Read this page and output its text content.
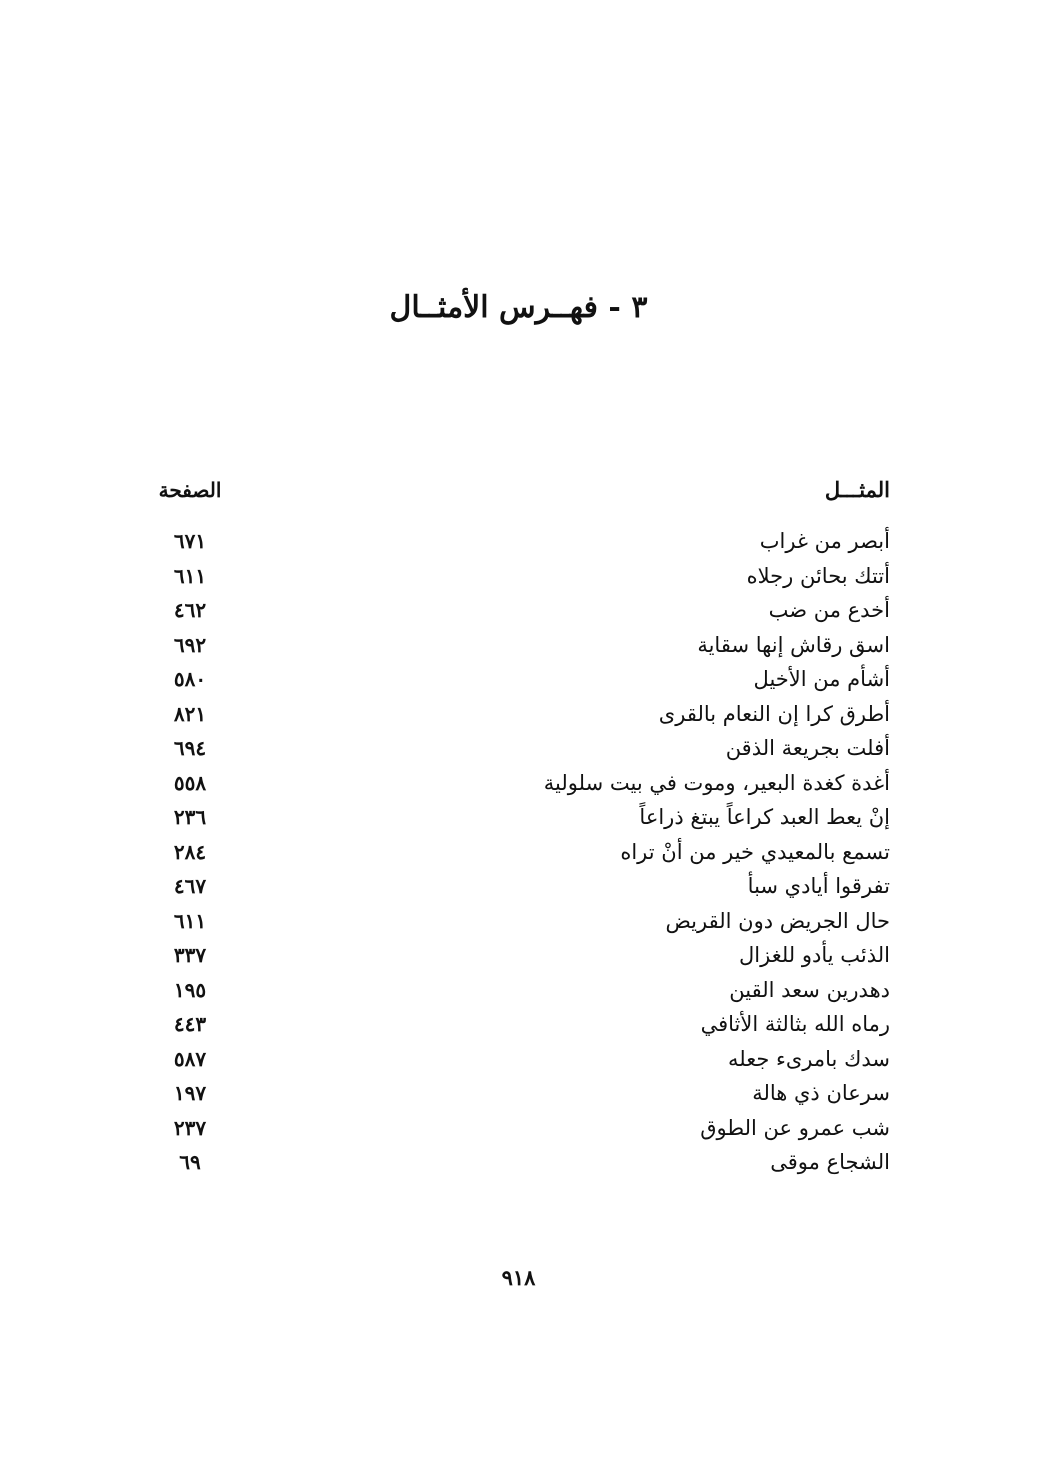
٣ - فهــرس الأمثــال
المثـــل
الصفحة
أبصر من غراب
٦٧١
أتتك بحائن رجلاه
٦١١
أخدع من ضب
٤٦٢
اسق رقاش إنها سقاية
٦٩٢
أشأم من الأخيل
٥٨٠
أطرق كرا إن النعام بالقرى
٨٢١
أفلت بجريعة الذقن
٦٩٤
أغدة كغدة البعير، وموت في بيت سلولية
٥٥٨
إنْ يعط العبد كراعاً يبتغ ذراعاً
٢٣٦
تسمع بالمعيدي خير من أنْ تراه
٢٨٤
تفرقوا أيادي سبأ
٤٦٧
حال الجريض دون القريض
٦١١
الذئب يأدو للغزال
٣٣٧
دهدرين سعد القين
١٩٥
رماه الله بثالثة الأثافي
٤٤٣
سدك بامرىء جعله
٥٨٧
سرعان ذي هالة
١٩٧
شب عمرو عن الطوق
٢٣٧
الشجاع موقى
٦٩

٩١٨
